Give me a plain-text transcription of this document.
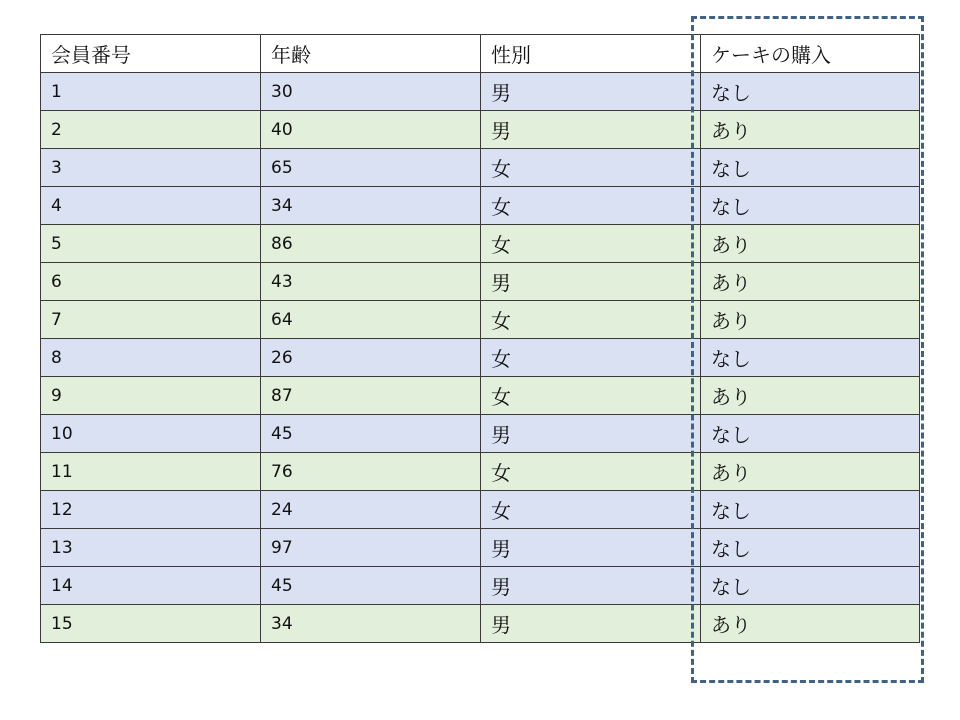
会員番号	年齢	性別	ケーキの購入
1	30	男	なし
2	40	男	あり
3	65	女	なし
4	34	女	なし
5	86	女	あり
6	43	男	あり
7	64	女	あり
8	26	女	なし
9	87	女	あり
10	45	男	なし
11	76	女	あり
12	24	女	なし
13	97	男	なし
14	45	男	なし
15	34	男	あり
